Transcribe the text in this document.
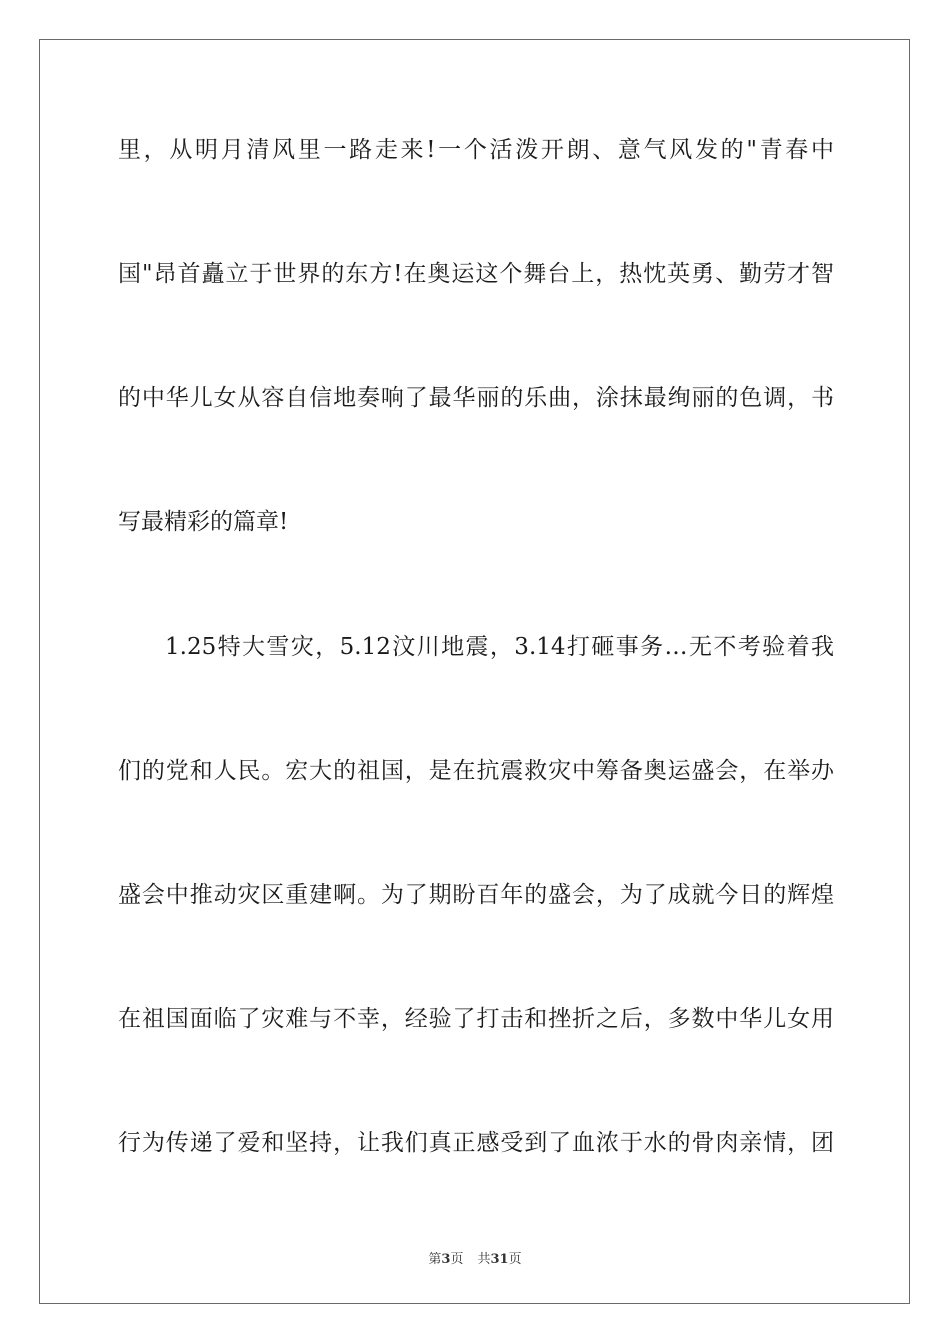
里，从明月清风里一路走来!一个活泼开朗、意气风发的"青春中
国"昂首矗立于世界的东方!在奥运这个舞台上，热忱英勇、勤劳才智
的中华儿女从容自信地奏响了最华丽的乐曲，涂抹最绚丽的色调，书
写最精彩的篇章!
1.25特大雪灾，5.12汶川地震，3.14打砸事务…无不考验着我
们的党和人民。宏大的祖国，是在抗震救灾中筹备奥运盛会，在举办
盛会中推动灾区重建啊。为了期盼百年的盛会，为了成就今日的辉煌
在祖国面临了灾难与不幸，经验了打击和挫折之后，多数中华儿女用
行为传递了爱和坚持，让我们真正感受到了血浓于水的骨肉亲情，团
第3页 共31页
